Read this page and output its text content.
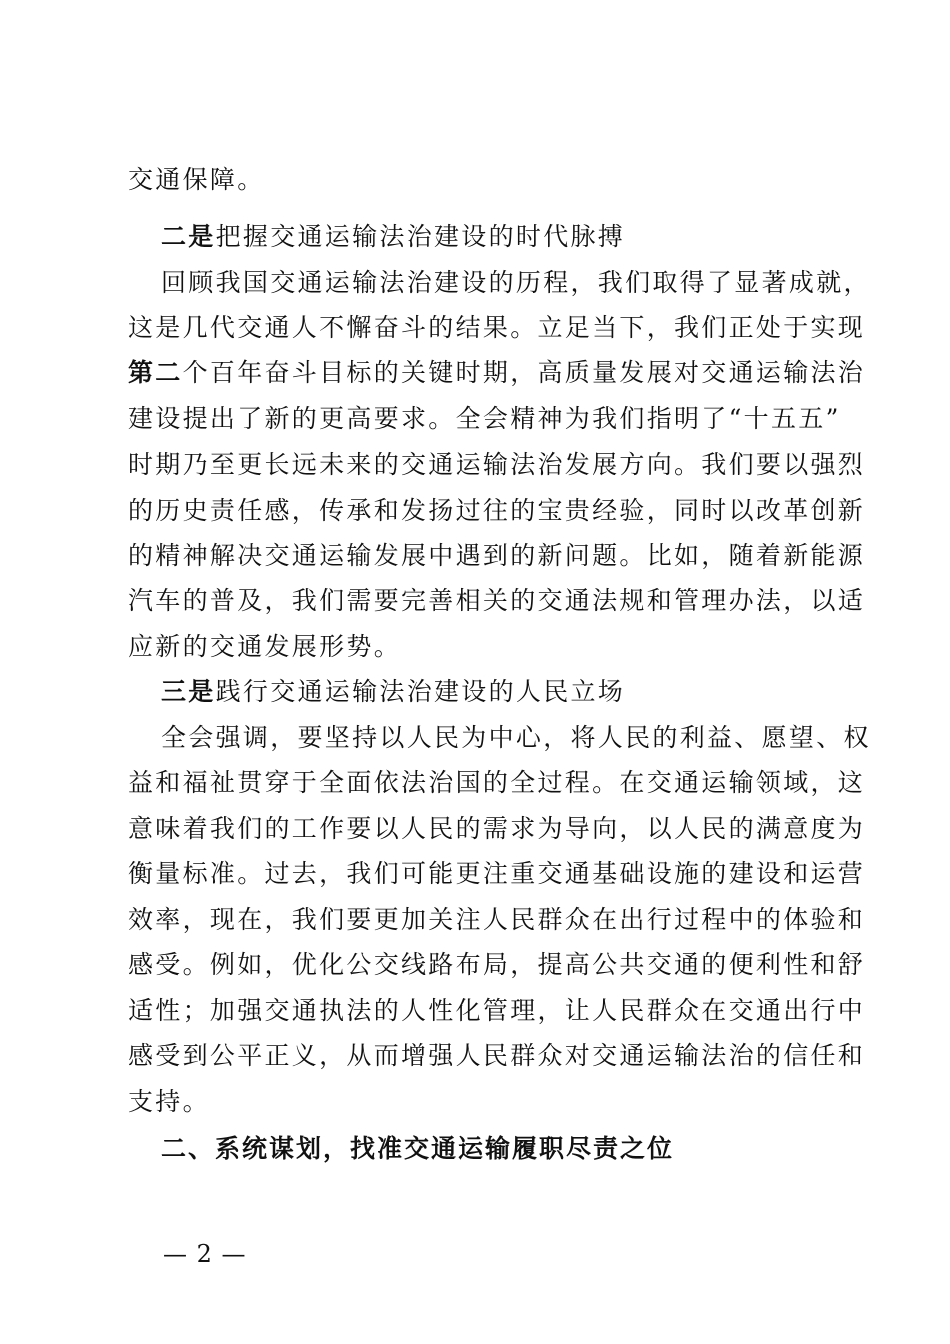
交通保障。
二是把握交通运输法治建设的时代脉搏
回顾我国交通运输法治建设的历程，我们取得了显著成就，
这是几代交通人不懈奋斗的结果。立足当下，我们正处于实现
第二个百年奋斗目标的关键时期，高质量发展对交通运输法治
建设提出了新的更高要求。全会精神为我们指明了“十五五”
时期乃至更长远未来的交通运输法治发展方向。我们要以强烈
的历史责任感，传承和发扬过往的宝贵经验，同时以改革创新
的精神解决交通运输发展中遇到的新问题。比如，随着新能源
汽车的普及，我们需要完善相关的交通法规和管理办法，以适
应新的交通发展形势。
三是践行交通运输法治建设的人民立场
全会强调，要坚持以人民为中心，将人民的利益、愿望、权
益和福祉贯穿于全面依法治国的全过程。在交通运输领域，这
意味着我们的工作要以人民的需求为导向，以人民的满意度为
衡量标准。过去，我们可能更注重交通基础设施的建设和运营
效率，现在，我们要更加关注人民群众在出行过程中的体验和
感受。例如，优化公交线路布局，提高公共交通的便利性和舒
适性；加强交通执法的人性化管理，让人民群众在交通出行中
感受到公平正义，从而增强人民群众对交通运输法治的信任和
支持。
二、系统谋划，找准交通运输履职尽责之位
— 2 —
